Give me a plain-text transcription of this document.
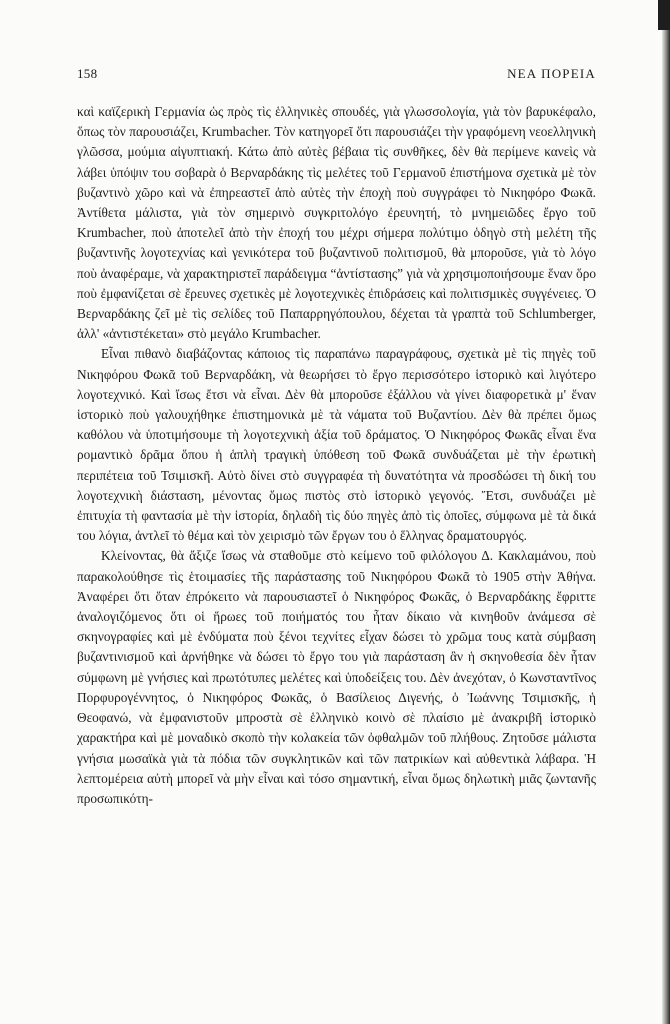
158	ΝΕΑ ΠΟΡΕΙΑ

καὶ καϊζερικὴ Γερμανία ὡς πρὸς τὶς ἑλληνικὲς σπουδές, γιὰ γλωσσολογία, γιὰ τὸν βαρυκέφαλο, ὅπως τὸν παρουσιάζει, Krumbacher. Τὸν κατηγορεῖ ὅτι παρουσιάζει τὴν γραφόμενη νεοελληνικὴ γλῶσσα, μούμια αἰγυπτιακή. Κάτω ἀπὸ αὐτὲς βέβαια τὶς συνθῆκες, δὲν θὰ περίμενε κανεὶς νὰ λάβει ὑπόψιν του σοβαρὰ ὁ Βερναρδάκης τὶς μελέτες τοῦ Γερμανοῦ ἐπιστήμονα σχετικὰ μὲ τὸν βυζαντινὸ χῶρο καὶ νὰ ἐπηρεαστεῖ ἀπὸ αὐτὲς τὴν ἐποχὴ ποὺ συγγράφει τὸ Νικηφόρο Φωκᾶ. Ἀντίθετα μάλιστα, γιὰ τὸν σημερινὸ συγκριτολόγο ἐρευνητή, τὸ μνημειῶδες ἔργο τοῦ Krumbacher, ποὺ ἀποτελεῖ ἀπὸ τὴν ἐποχή του μέχρι σήμερα πολύτιμο ὁδηγὸ στὴ μελέτη τῆς βυζαντινῆς λογοτεχνίας καὶ γενικότερα τοῦ βυζαντινοῦ πολιτισμοῦ, θὰ μποροῦσε, γιὰ τὸ λόγο ποὺ ἀναφέραμε, νὰ χαρακτηριστεῖ παράδειγμα “ἀντίστασης” γιὰ νὰ χρησιμοποιήσουμε ἕναν ὅρο ποὺ ἐμφανίζεται σὲ ἔρευνες σχετικὲς μὲ λογοτεχνικὲς ἐπιδράσεις καὶ πολιτισμικὲς συγγένειες. Ὁ Βερναρδάκης ζεῖ μὲ τὶς σελίδες τοῦ Παπαρρηγόπουλου, δέχεται τὰ γραπτὰ τοῦ Schlumberger, ἀλλ' «ἀντιστέκεται» στὸ μεγάλο Krumbacher.

Εἶναι πιθανὸ διαβάζοντας κάποιος τὶς παραπάνω παραγράφους, σχετικὰ μὲ τὶς πηγὲς τοῦ Νικηφόρου Φωκᾶ τοῦ Βερναρδάκη, νὰ θεωρήσει τὸ ἔργο περισσότερο ἱστορικὸ καὶ λιγότερο λογοτεχνικό. Καὶ ἴσως ἔτσι νὰ εἶναι. Δὲν θὰ μποροῦσε ἐξάλλου νὰ γίνει διαφορετικὰ μ' ἕναν ἱστορικὸ ποὺ γαλουχήθηκε ἐπιστημονικὰ μὲ τὰ νάματα τοῦ Βυζαντίου. Δὲν θὰ πρέπει ὅμως καθόλου νὰ ὑποτιμήσουμε τὴ λογοτεχνικὴ ἀξία τοῦ δράματος. Ὁ Νικηφόρος Φωκᾶς εἶναι ἕνα ρομαντικὸ δρᾶμα ὅπου ἡ ἁπλὴ τραγικὴ ὑπόθεση τοῦ Φωκᾶ συνδυάζεται μὲ τὴν ἐρωτικὴ περιπέτεια τοῦ Τσιμισκῆ. Αὐτὸ δίνει στὸ συγγραφέα τὴ δυνατότητα νὰ προσδώσει τὴ δική του λογοτεχνικὴ διάσταση, μένοντας ὅμως πιστὸς στὸ ἱστορικὸ γεγονός. Ἔτσι, συνδυάζει μὲ ἐπιτυχία τὴ φαντασία μὲ τὴν ἱστορία, δηλαδὴ τὶς δύο πηγὲς ἀπὸ τὶς ὁποῖες, σύμφωνα μὲ τὰ δικά του λόγια, ἀντλεῖ τὸ θέμα καὶ τὸν χειρισμὸ τῶν ἔργων του ὁ ἕλληνας δραματουργός.

Κλείνοντας, θὰ ἄξιζε ἴσως νὰ σταθοῦμε στὸ κείμενο τοῦ φιλόλογου Δ. Κακλαμάνου, ποὺ παρακολούθησε τὶς ἑτοιμασίες τῆς παράστασης τοῦ Νικηφόρου Φωκᾶ τὸ 1905 στὴν Ἀθήνα. Ἀναφέρει ὅτι ὅταν ἐπρόκειτο νὰ παρουσιαστεῖ ὁ Νικηφόρος Φωκᾶς, ὁ Βερναρδάκης ἔφριττε ἀναλογιζόμενος ὅτι οἱ ἥρωες τοῦ ποιήματός του ἦταν δίκαιο νὰ κινηθοῦν ἀνάμεσα σὲ σκηνογραφίες καὶ μὲ ἐνδύματα ποὺ ξένοι τεχνίτες εἶχαν δώσει τὸ χρῶμα τους κατὰ σύμβαση βυζαντινισμοῦ καὶ ἀρνήθηκε νὰ δώσει τὸ ἔργο του γιὰ παράσταση ἂν ἡ σκηνοθεσία δὲν ἦταν σύμφωνη μὲ γνήσιες καὶ πρωτότυπες μελέτες καὶ ὑποδείξεις του. Δὲν ἀνεχόταν, ὁ Κωνσταντῖνος Πορφυρογέννητος, ὁ Νικηφόρος Φωκᾶς, ὁ Βασίλειος Διγενής, ὁ Ἰωάννης Τσιμισκῆς, ἡ Θεοφανώ, νὰ ἐμφανιστοῦν μπροστὰ σὲ ἑλληνικὸ κοινὸ σὲ πλαίσιο μὲ ἀνακριβῆ ἱστορικὸ χαρακτήρα καὶ μὲ μοναδικὸ σκοπὸ τὴν κολακεία τῶν ὀφθαλμῶν τοῦ πλήθους. Ζητοῦσε μάλιστα γνήσια μωσαϊκὰ γιὰ τὰ πόδια τῶν συγκλητικῶν καὶ τῶν πατρικίων καὶ αὐθεντικὰ λάβαρα. Ἡ λεπτομέρεια αὐτὴ μπορεῖ νὰ μὴν εἶναι καὶ τόσο σημαντική, εἶναι ὅμως δηλωτικὴ μιᾶς ζωντανῆς προσωπικότη-
